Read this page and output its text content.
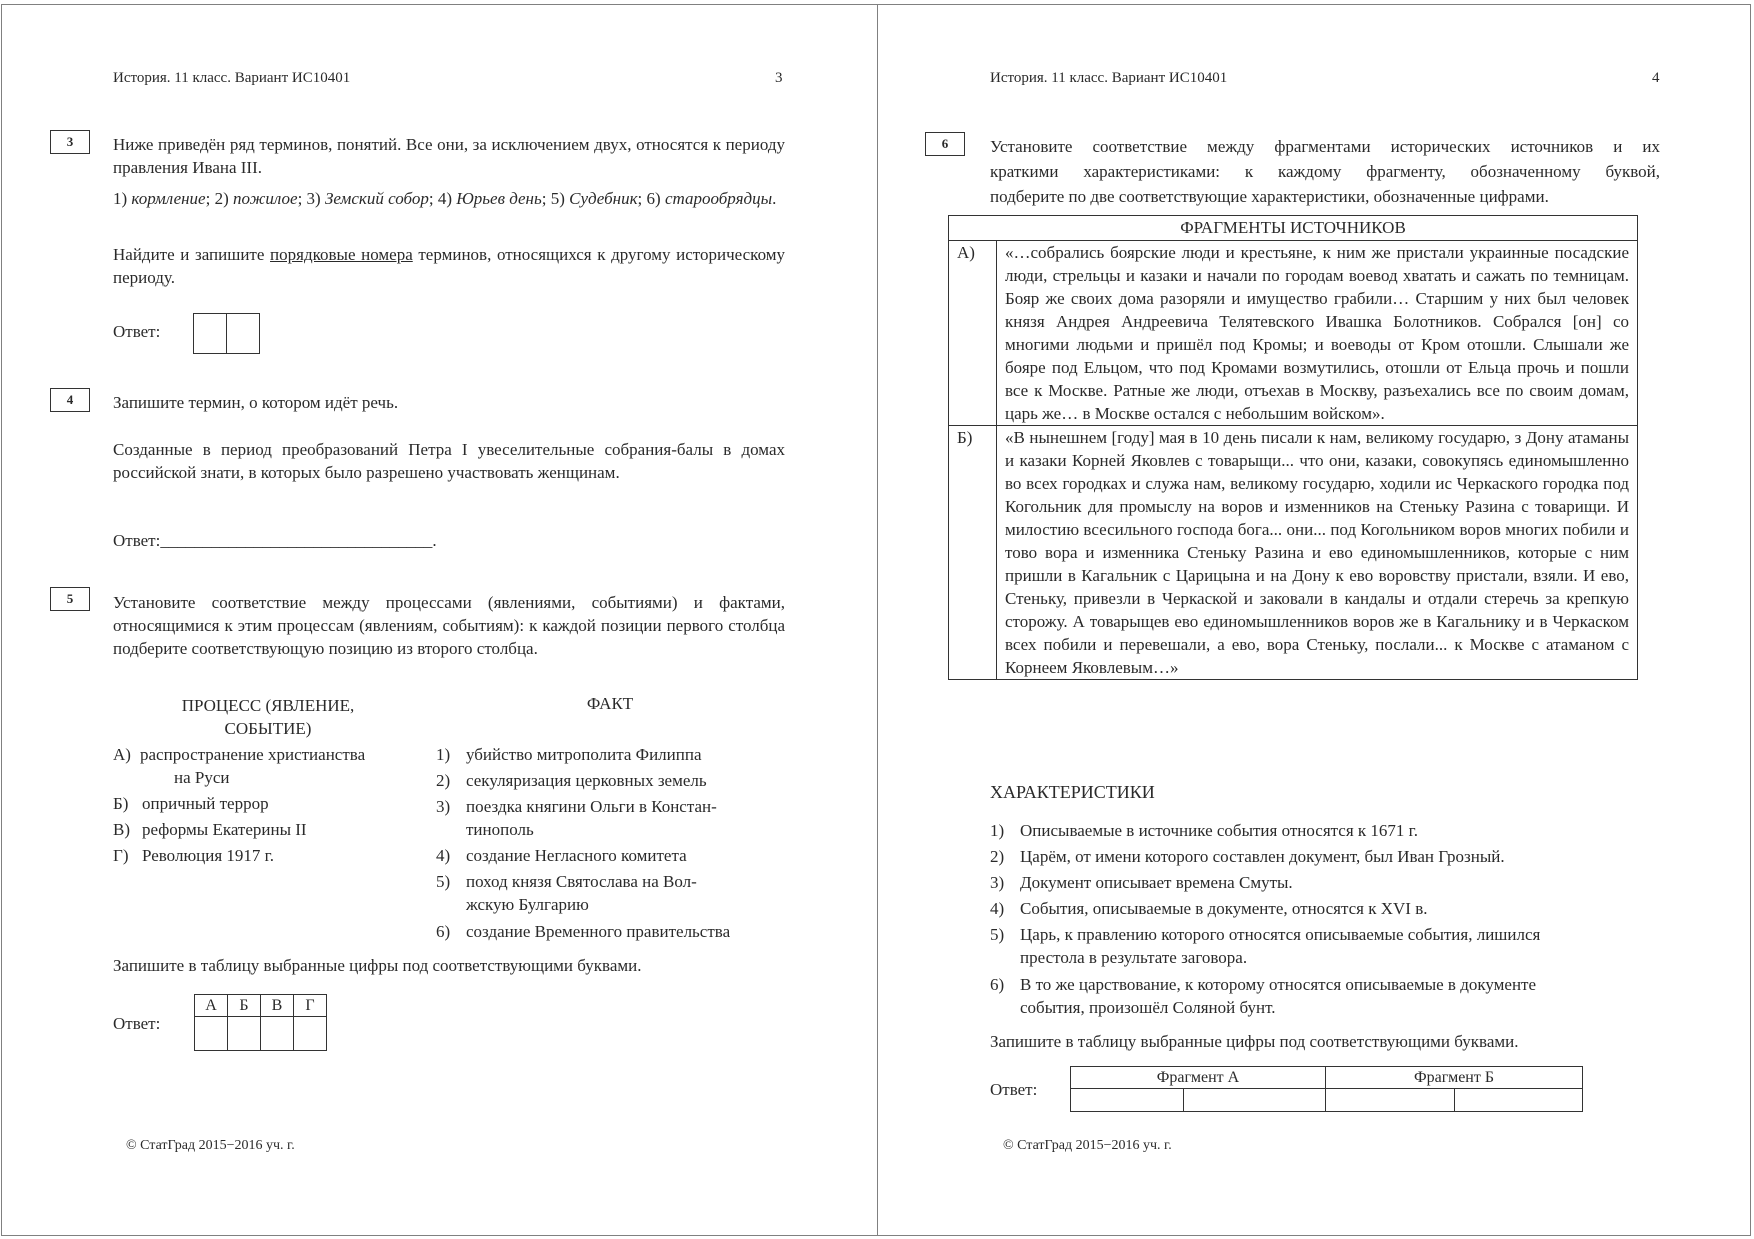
История. 11 класс. Вариант ИС10401	3
3	Ниже приведён ряд терминов, понятий. Все они, за исключением двух, относятся к периоду правления Ивана III.
1) кормление; 2) пожилое; 3) Земский собор; 4) Юрьев день; 5) Судебник; 6) старообрядцы.
Найдите и запишите порядковые номера терминов, относящихся к другому историческому периоду.
Ответ:
4	Запишите термин, о котором идёт речь.
Созданные в период преобразований Петра I увеселительные собрания-балы в домах российской знати, в которых было разрешено участвовать женщинам.
Ответ:________________________________.
5	Установите соответствие между процессами (явлениями, событиями) и фактами, относящимися к этим процессам (явлениям, событиям): к каждой позиции первого столбца подберите соответствующую позицию из второго столбца.
ПРОЦЕСС (ЯВЛЕНИЕ,
СОБЫТИЕ)
ФАКТ
А) распространение христианства
на Руси
Б) опричный террор
В) реформы Екатерины II
Г) Революция 1917 г.
1) убийство митрополита Филиппа
2) секуляризация церковных земель
3) поездка княгини Ольги в Констан-
тинополь
4) создание Негласного комитета
5) поход князя Святослава на Вол-
жскую Булгарию
6) создание Временного правительства
Запишите в таблицу выбранные цифры под соответствующими буквами.
Ответ:
А	Б	В	Г

© СтатГрад 2015−2016 уч. г.
История. 11 класс. Вариант ИС10401	4
6	Установите соответствие между фрагментами исторических источников и их
краткими характеристиками: к каждому фрагменту, обозначенному буквой,
подберите по две соответствующие характеристики, обозначенные цифрами.
ФРАГМЕНТЫ ИСТОЧНИКОВ
А)	«…собрались боярские люди и крестьяне, к ним же пристали украинные посадские люди, стрельцы и казаки и начали по городам воевод хватать и сажать по темницам. Бояр же своих дома разоряли и имущество грабили… Старшим у них был человек князя Андрея Андреевича Телятевского Ивашка Болотников. Собрался [он] со многими людьми и пришёл под Кромы; и воеводы от Кром отошли. Слышали же бояре под Ельцом, что под Кромами возмутились, отошли от Ельца прочь и пошли все к Москве. Ратные же люди, отъехав в Москву, разъехались все по своим домам, царь же… в Москве остался с небольшим войском».
Б)	«В нынешнем [году] мая в 10 день писали к нам, великому государю, з Дону атаманы и казаки Корней Яковлев с товарыщи... что они, казаки, совокупясь единомышленно во всех городках и служа нам, великому государю, ходили ис Черкаского городка под Когольник для промыслу на воров и изменников на Стеньку Разина с товарищи. И милостию всесильного господа бога... они... под Когольником воров многих побили и тово вора и изменника Стеньку Разина и ево единомышленников, которые с ним пришли в Кагальник с Царицына и на Дону к ево воровству пристали, взяли. И ево, Стеньку, привезли в Черкаской и заковали в кандалы и отдали стеречь за крепкую сторожу. А товарыщев ево единомышленников воров же в Кагальнику и в Черкаском всех побили и перевешали, а ево, вора Стеньку, послали... к Москве с атаманом с Корнеем Яковлевым…»
ХАРАКТЕРИСТИКИ
1) Описываемые в источнике события относятся к 1671 г.
2) Царём, от имени которого составлен документ, был Иван Грозный.
3) Документ описывает времена Смуты.
4) События, описываемые в документе, относятся к XVI в.
5) Царь, к правлению которого относятся описываемые события, лишился
престола в результате заговора.
6) В то же царствование, к которому относятся описываемые в документе
события, произошёл Соляной бунт.
Запишите в таблицу выбранные цифры под соответствующими буквами.
Ответ:
Фрагмент А		Фрагмент Б	

© СтатГрад 2015−2016 уч. г.
